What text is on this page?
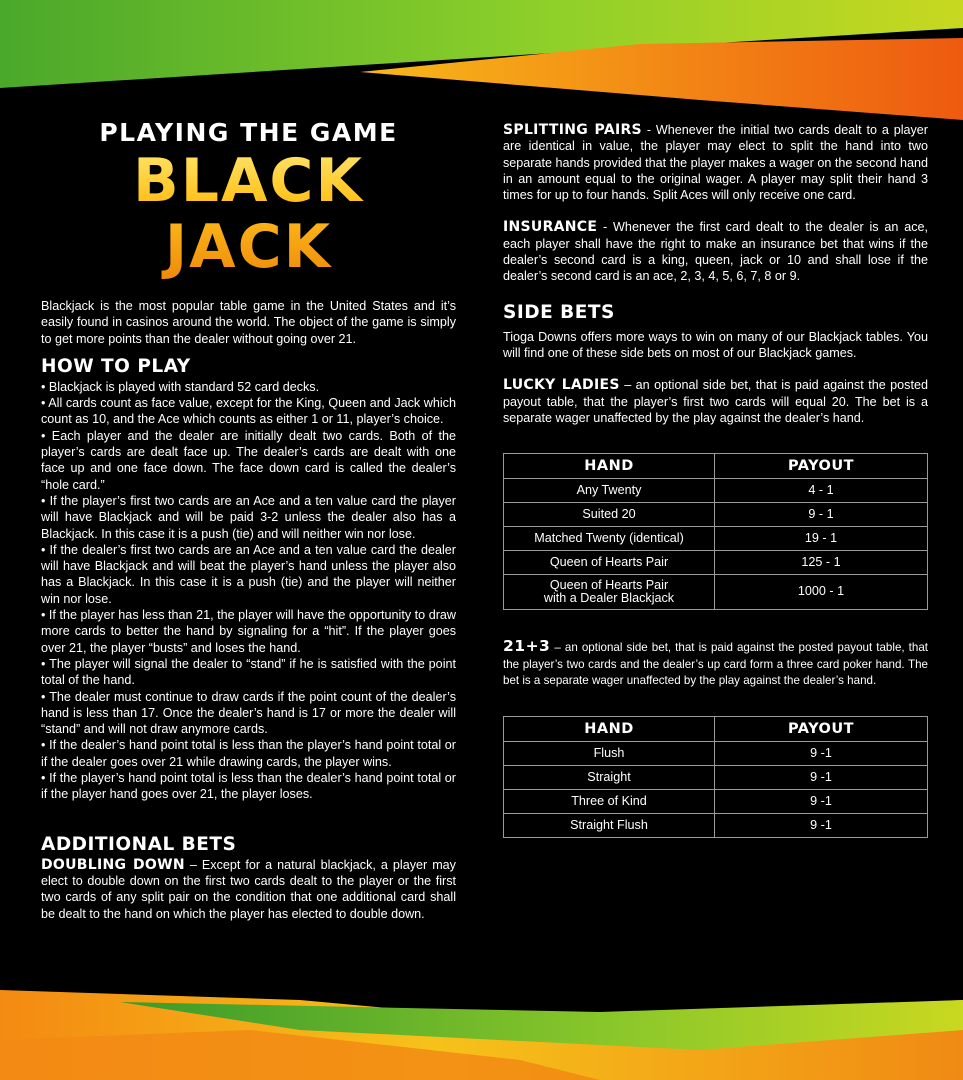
PLAYING THE GAME
BLACK JACK

Blackjack is the most popular table game in the United States and it’s easily found in casinos around the world. The object of the game is simply to get more points than the dealer without going over 21.

HOW TO PLAY

• Blackjack is played with standard 52 card decks.

• All cards count as face value, except for the King, Queen and Jack which count as 10, and the Ace which counts as either 1 or 11, player’s choice.

• Each player and the dealer are initially dealt two cards. Both of the player’s cards are dealt face up. The dealer’s cards are dealt with one face up and one face down. The face down card is called the dealer’s “hole card.”

• If the player’s first two cards are an Ace and a ten value card the player will have Blackjack and will be paid 3-2 unless the dealer also has a Blackjack. In this case it is a push (tie) and will neither win nor lose.

• If the dealer’s first two cards are an Ace and a ten value card the dealer will have Blackjack and will beat the player’s hand unless the player also has a Blackjack. In this case it is a push (tie) and the player will neither win nor lose.

• If the player has less than 21, the player will have the opportunity to draw more cards to better the hand by signaling for a “hit”. If the player goes over 21, the player “busts” and loses the hand.

• The player will signal the dealer to “stand” if he is satisfied with the point total of the hand.

• The dealer must continue to draw cards if the point count of the dealer’s hand is less than 17. Once the dealer’s hand is 17 or more the dealer will “stand” and will not draw anymore cards.

• If the dealer’s hand point total is less than the player’s hand point total or if the dealer goes over 21 while drawing cards, the player wins.

• If the player’s hand point total is less than the dealer’s hand point total or if the player hand goes over 21, the player loses.

ADDITIONAL BETS

DOUBLING DOWN – Except for a natural blackjack, a player may elect to double down on the first two cards dealt to the player or the first two cards of any split pair on the condition that one additional card shall be dealt to the hand on which the player has elected to double down.

SPLITTING PAIRS - Whenever the initial two cards dealt to a player are identical in value, the player may elect to split the hand into two separate hands provided that the player makes a wager on the second hand in an amount equal to the original wager. A player may split their hand 3 times for up to four hands. Split Aces will only receive one card.

INSURANCE - Whenever the first card dealt to the dealer is an ace, each player shall have the right to make an insurance bet that wins if the dealer’s second card is a king, queen, jack or 10 and shall lose if the dealer’s second card is an ace, 2, 3, 4, 5, 6, 7, 8 or 9.

SIDE BETS

Tioga Downs offers more ways to win on many of our Blackjack tables. You will find one of these side bets on most of our Blackjack games.

LUCKY LADIES – an optional side bet, that is paid against the posted payout table, that the player’s first two cards will equal 20. The bet is a separate wager unaffected by the play against the dealer’s hand.

HAND	PAYOUT
Any Twenty	4 - 1
Suited 20	9 - 1
Matched Twenty (identical)	19 - 1
Queen of Hearts Pair	125 - 1
Queen of Hearts Pair
with a Dealer Blackjack	1000 - 1

21+3 – an optional side bet, that is paid against the posted payout table, that the player’s two cards and the dealer’s up card form a three card poker hand. The bet is a separate wager unaffected by the play against the dealer’s hand.

HAND	PAYOUT
Flush	9 -1
Straight	9 -1
Three of Kind	9 -1
Straight Flush	9 -1
